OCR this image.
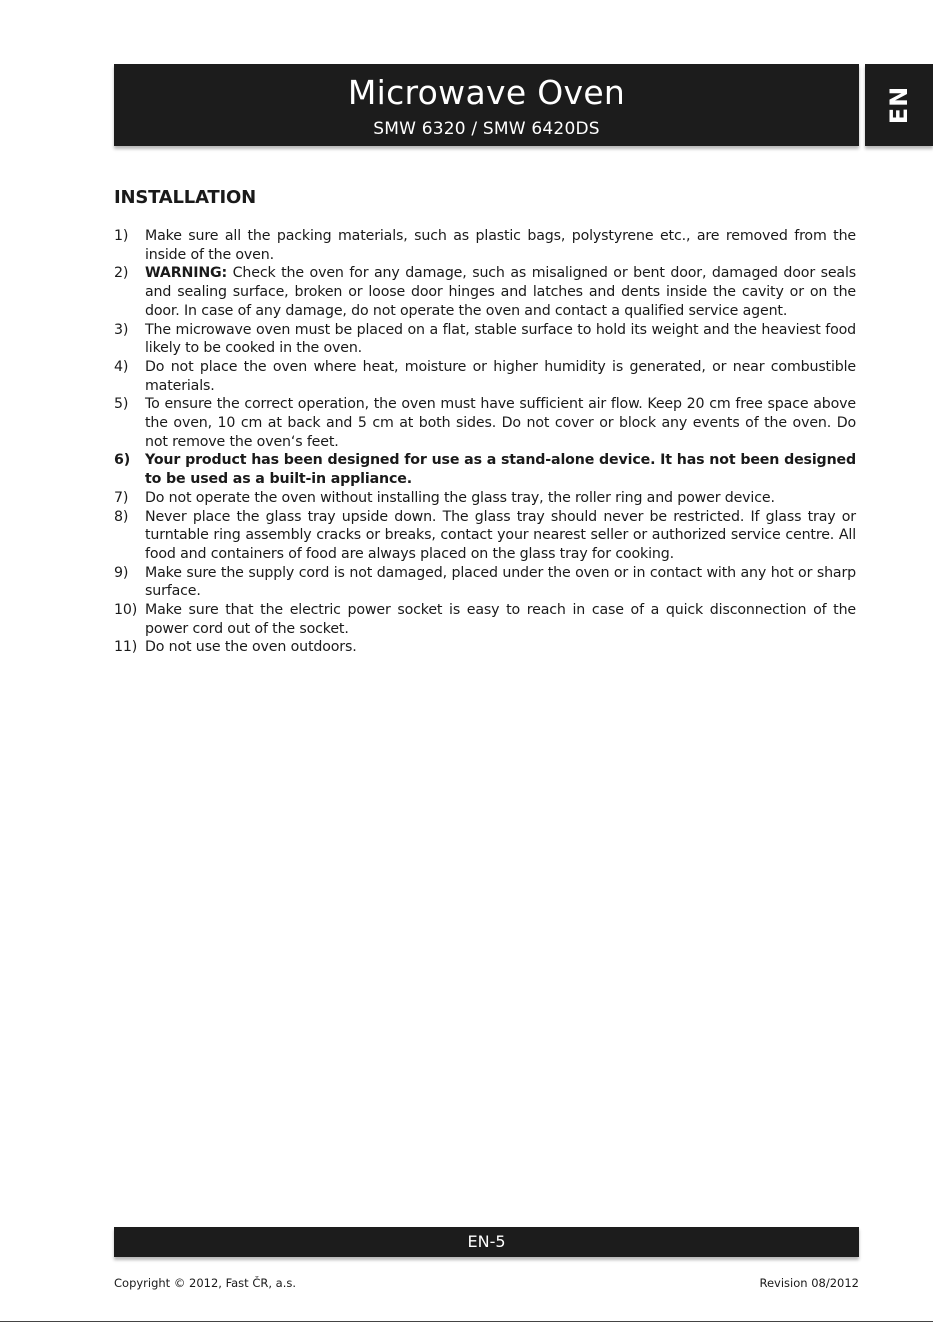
Microwave Oven
SMW 6320 / SMW 6420DS
EN
INSTALLATION
1) Make sure all the packing materials, such as plastic bags, polystyrene etc., are removed from the inside of the oven.
2) WARNING: Check the oven for any damage, such as misaligned or bent door, damaged door seals and sealing surface, broken or loose door hinges and latches and dents inside the cavity or on the door. In case of any damage, do not operate the oven and contact a qualified service agent.
3) The microwave oven must be placed on a flat, stable surface to hold its weight and the heaviest food likely to be cooked in the oven.
4) Do not place the oven where heat, moisture or higher humidity is generated, or near combustible materials.
5) To ensure the correct operation, the oven must have sufficient air flow. Keep 20 cm free space above the oven, 10 cm at back and 5 cm at both sides. Do not cover or block any events of the oven. Do not remove the oven‘s feet.
6) Your product has been designed for use as a stand-alone device. It has not been designed to be used as a built-in appliance.
7) Do not operate the oven without installing the glass tray, the roller ring and power device.
8) Never place the glass tray upside down. The glass tray should never be restricted. If glass tray or turntable ring assembly cracks or breaks, contact your nearest seller or authorized service centre. All food and containers of food are always placed on the glass tray for cooking.
9) Make sure the supply cord is not damaged, placed under the oven or in contact with any hot or sharp surface.
10) Make sure that the electric power socket is easy to reach in case of a quick disconnection of the power cord out of the socket.
11) Do not use the oven outdoors.
EN-5
Copyright © 2012, Fast ČR, a.s.	Revision 08/2012
